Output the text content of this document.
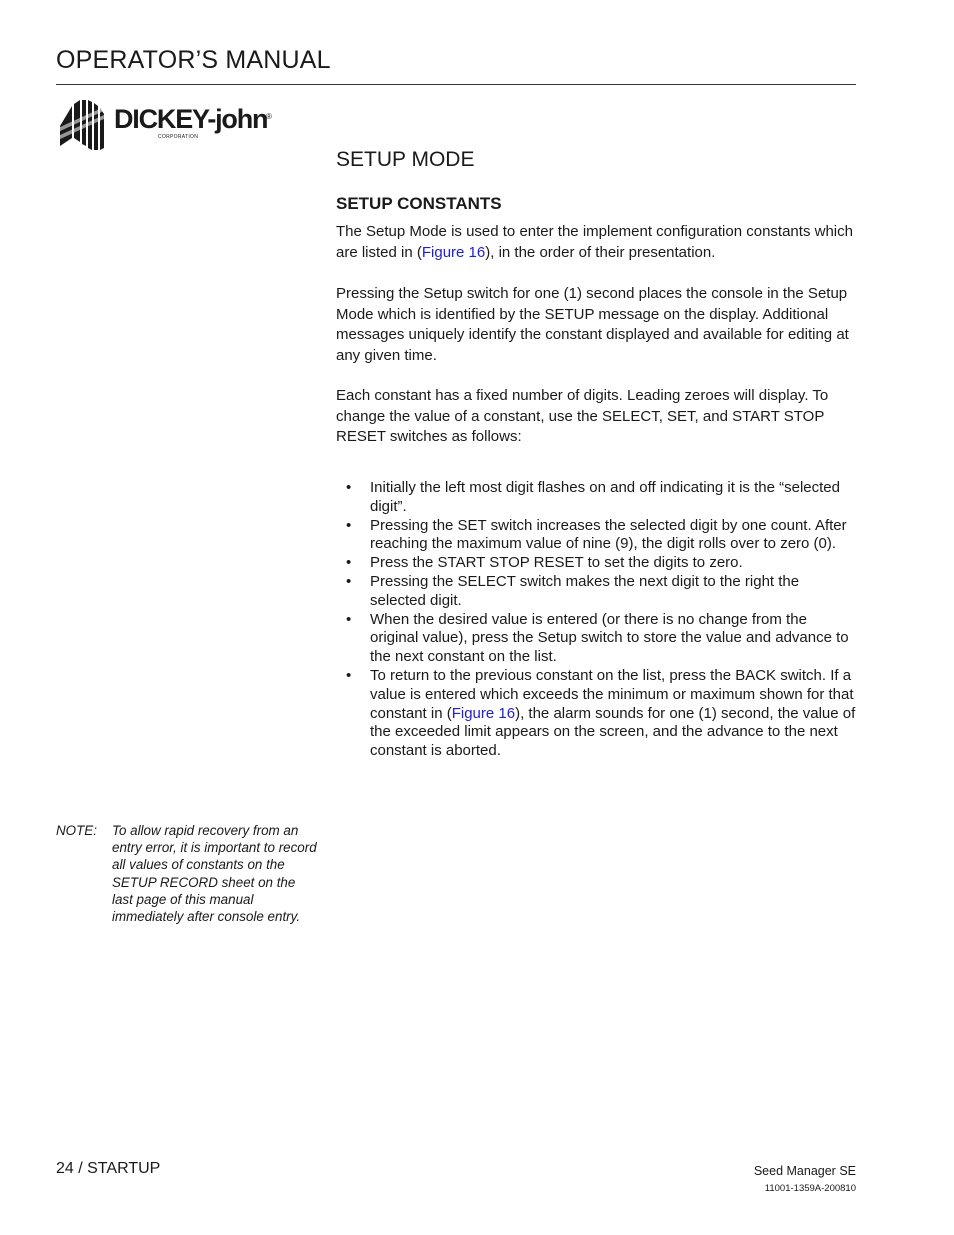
OPERATOR’S MANUAL
DICKEY-john
®
CORPORATION
SETUP MODE
SETUP CONSTANTS

The Setup Mode is used to enter the implement configuration constants which are listed in (Figure 16), in the order of their presentation.

Pressing the Setup switch for one (1) second places the console in the Setup Mode which is identified by the SETUP message on the display. Additional messages uniquely identify the constant displayed and available for editing at any given time.

Each constant has a fixed number of digits. Leading zeroes will display. To change the value of a constant, use the SELECT, SET, and START STOP RESET switches as follows:

• Initially the left most digit flashes on and off indicating it is the “selected digit”.
• Pressing the SET switch increases the selected digit by one count. After reaching the maximum value of nine (9), the digit rolls over to zero (0).
• Press the START STOP RESET to set the digits to zero.
• Pressing the SELECT switch makes the next digit to the right the selected digit.
• When the desired value is entered (or there is no change from the original value), press the Setup switch to store the value and advance to the next constant on the list.
• To return to the previous constant on the list, press the BACK switch. If a value is entered which exceeds the minimum or maximum shown for that constant in (Figure 16), the alarm sounds for one (1) second, the value of the exceeded limit appears on the screen, and the advance to the next constant is aborted.
NOTE: To allow rapid recovery from an entry error, it is important to record all values of constants on the SETUP RECORD sheet on the last page of this manual immediately after console entry.
24 / STARTUP	Seed Manager SE
11001-1359A-200810
